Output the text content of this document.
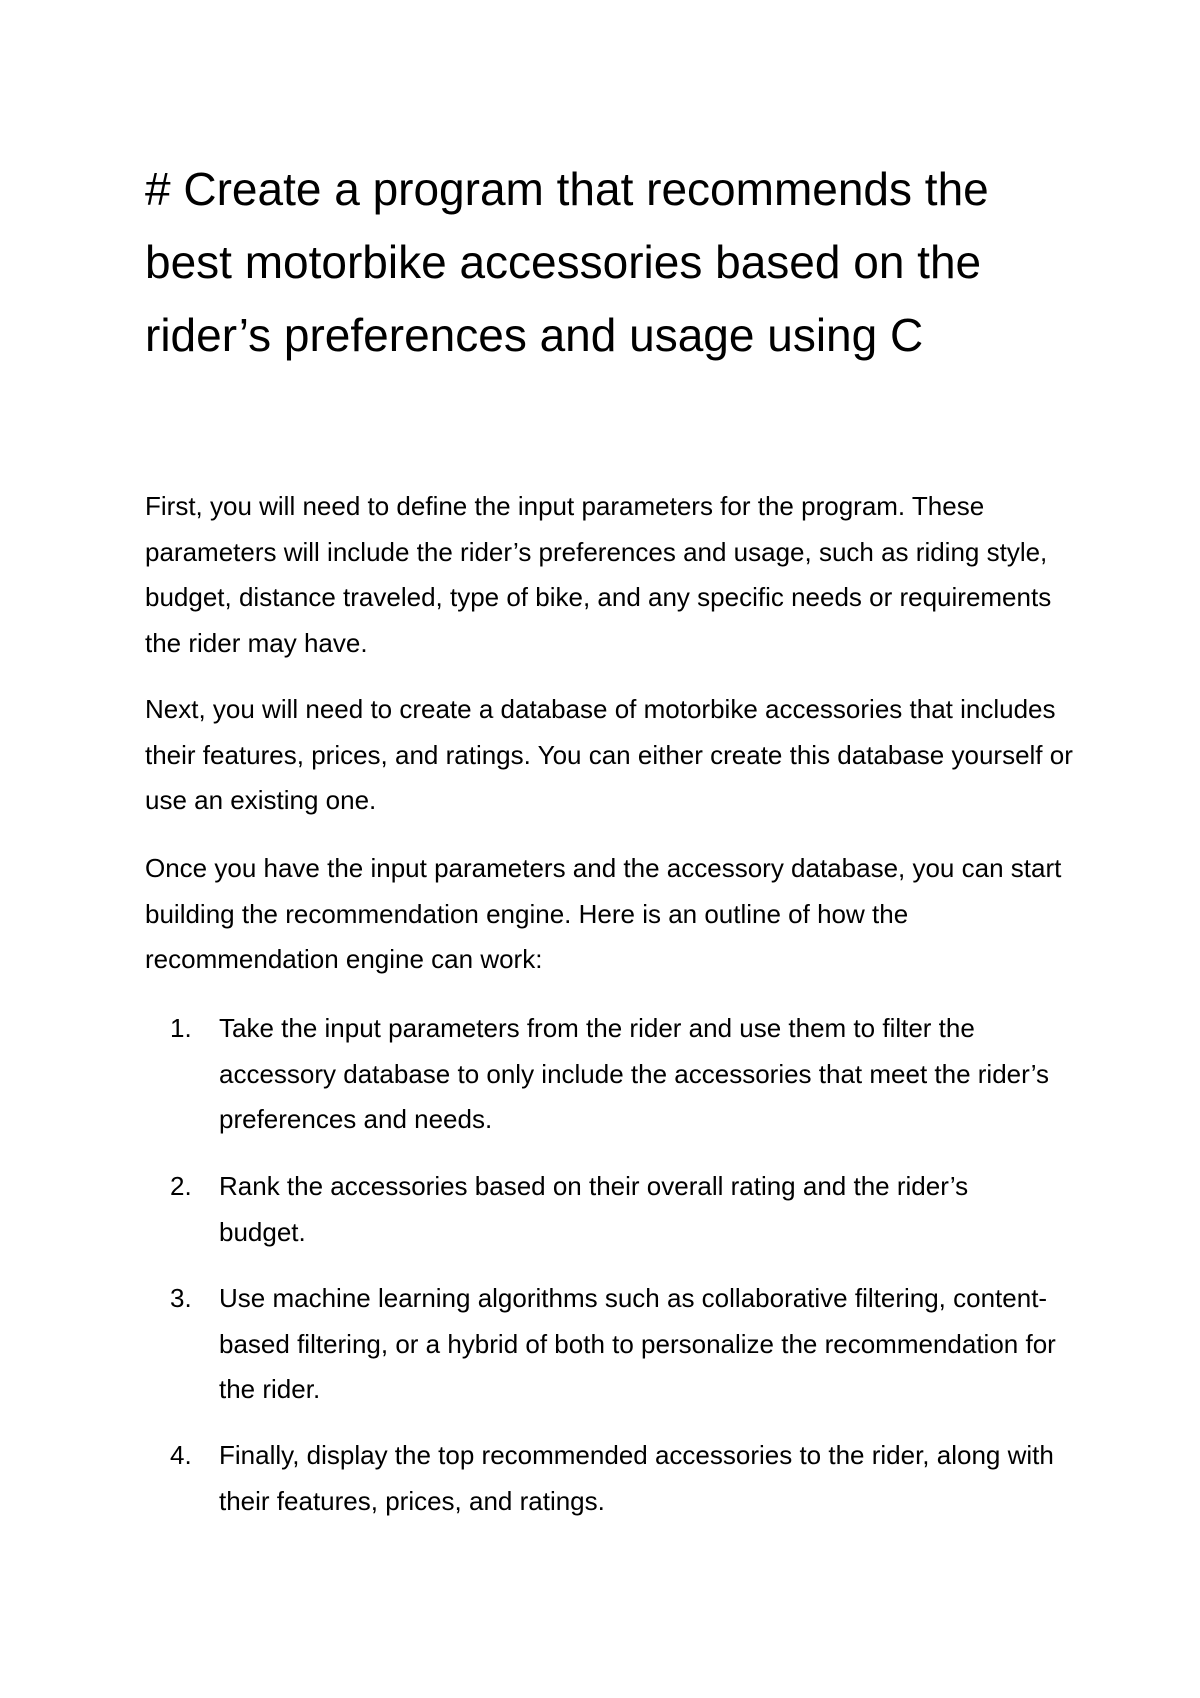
# Create a program that recommends the best motorbike accessories based on the rider’s preferences and usage using C

First, you will need to define the input parameters for the program. These parameters will include the rider’s preferences and usage, such as riding style, budget, distance traveled, type of bike, and any specific needs or requirements the rider may have.

Next, you will need to create a database of motorbike accessories that includes their features, prices, and ratings. You can either create this database yourself or use an existing one.

Once you have the input parameters and the accessory database, you can start building the recommendation engine. Here is an outline of how the recommendation engine can work:

1. Take the input parameters from the rider and use them to filter the accessory database to only include the accessories that meet the rider’s preferences and needs.
2. Rank the accessories based on their overall rating and the rider’s budget.
3. Use machine learning algorithms such as collaborative filtering, content-based filtering, or a hybrid of both to personalize the recommendation for the rider.
4. Finally, display the top recommended accessories to the rider, along with their features, prices, and ratings.
